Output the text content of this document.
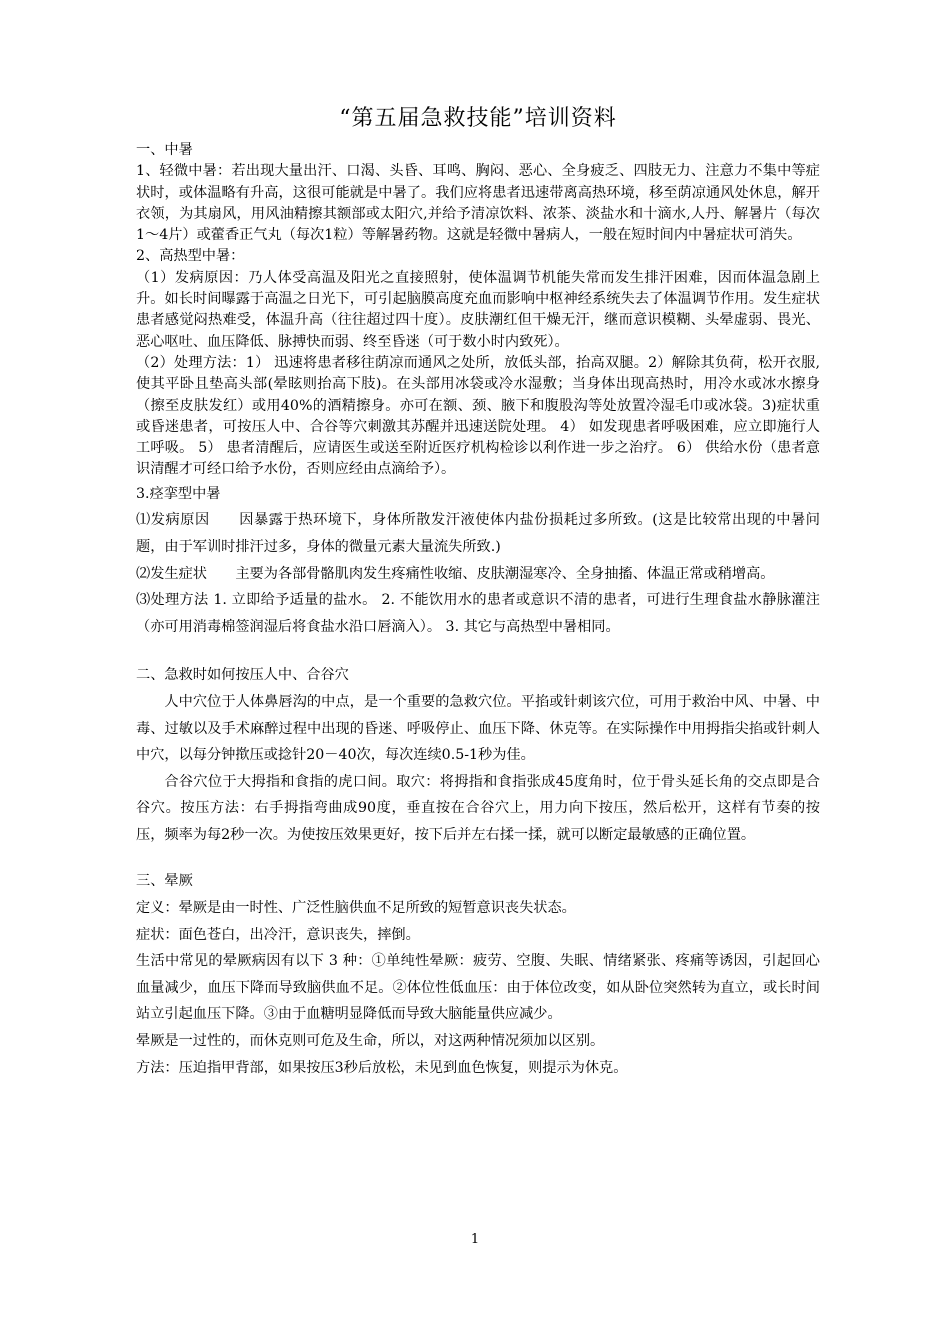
“第五届急救技能”培训资料

一、中暑

1、轻微中暑：若出现大量出汗、口渴、头昏、耳鸣、胸闷、恶心、全身疲乏、四肢无力、注意力不集中等症状时，或体温略有升高，这很可能就是中暑了。我们应将患者迅速带离高热环境，移至荫凉通风处休息，解开衣领，为其扇风，用风油精擦其额部或太阳穴,并给予清凉饮料、浓茶、淡盐水和十滴水,人丹、解暑片（每次1～4片）或藿香正气丸（每次1粒）等解暑药物。这就是轻微中暑病人，一般在短时间内中暑症状可消失。

2、高热型中暑：

（1）发病原因：乃人体受高温及阳光之直接照射，使体温调节机能失常而发生排汗困难，因而体温急剧上升。如长时间曝露于高温之日光下，可引起脑膜高度充血而影响中枢神经系统失去了体温调节作用。发生症状患者感觉闷热难受，体温升高（往往超过四十度）。皮肤潮红但干燥无汗，继而意识模糊、头晕虚弱、畏光、恶心呕吐、血压降低、脉搏快而弱、终至昏迷（可于数小时内致死）。

（2）处理方法：1） 迅速将患者移往荫凉而通风之处所，放低头部，抬高双腿。2）解除其负荷，松开衣服,使其平卧且垫高头部(晕眩则抬高下肢)。在头部用冰袋或冷水湿敷；当身体出现高热时，用冷水或冰水擦身（擦至皮肤发红）或用40%的酒精擦身。亦可在额、颈、腋下和腹股沟等处放置冷湿毛巾或冰袋。3)症状重或昏迷患者，可按压人中、合谷等穴刺激其苏醒并迅速送院处理。 4） 如发现患者呼吸困难，应立即施行人工呼吸。 5） 患者清醒后，应请医生或送至附近医疗机构检诊以利作进一步之治疗。 6） 供给水份（患者意识清醒才可经口给予水份，否则应经由点滴给予）。

3.痉挛型中暑

⑴发病原因　　因暴露于热环境下，身体所散发汗液使体内盐份损耗过多所致。(这是比较常出现的中暑问题，由于军训时排汗过多，身体的微量元素大量流失所致.)

⑵发生症状　　主要为各部骨骼肌肉发生疼痛性收缩、皮肤潮湿寒冷、全身抽搐、体温正常或稍增高。

⑶处理方法 1. 立即给予适量的盐水。 2. 不能饮用水的患者或意识不清的患者，可进行生理食盐水静脉灌注（亦可用消毒棉签润湿后将食盐水沿口唇滴入）。 3. 其它与高热型中暑相同。

二、急救时如何按压人中、合谷穴

人中穴位于人体鼻唇沟的中点，是一个重要的急救穴位。平掐或针刺该穴位，可用于救治中风、中暑、中毒、过敏以及手术麻醉过程中出现的昏迷、呼吸停止、血压下降、休克等。在实际操作中用拇指尖掐或针刺人中穴，以每分钟揿压或捻针20－40次，每次连续0.5-1秒为佳。

合谷穴位于大拇指和食指的虎口间。取穴：将拇指和食指张成45度角时，位于骨头延长角的交点即是合谷穴。按压方法：右手拇指弯曲成90度，垂直按在合谷穴上，用力向下按压，然后松开，这样有节奏的按压，频率为每2秒一次。为使按压效果更好，按下后并左右揉一揉，就可以断定最敏感的正确位置。

三、晕厥

定义：晕厥是由一时性、广泛性脑供血不足所致的短暂意识丧失状态。

症状：面色苍白，出冷汗，意识丧失，摔倒。

生活中常见的晕厥病因有以下 3 种：①单纯性晕厥：疲劳、空腹、失眠、情绪紧张、疼痛等诱因，引起回心血量减少，血压下降而导致脑供血不足。②体位性低血压：由于体位改变，如从卧位突然转为直立，或长时间站立引起血压下降。③由于血糖明显降低而导致大脑能量供应减少。

晕厥是一过性的，而休克则可危及生命，所以，对这两种情况须加以区别。

方法：压迫指甲背部，如果按压3秒后放松，未见到血色恢复，则提示为休克。

1
